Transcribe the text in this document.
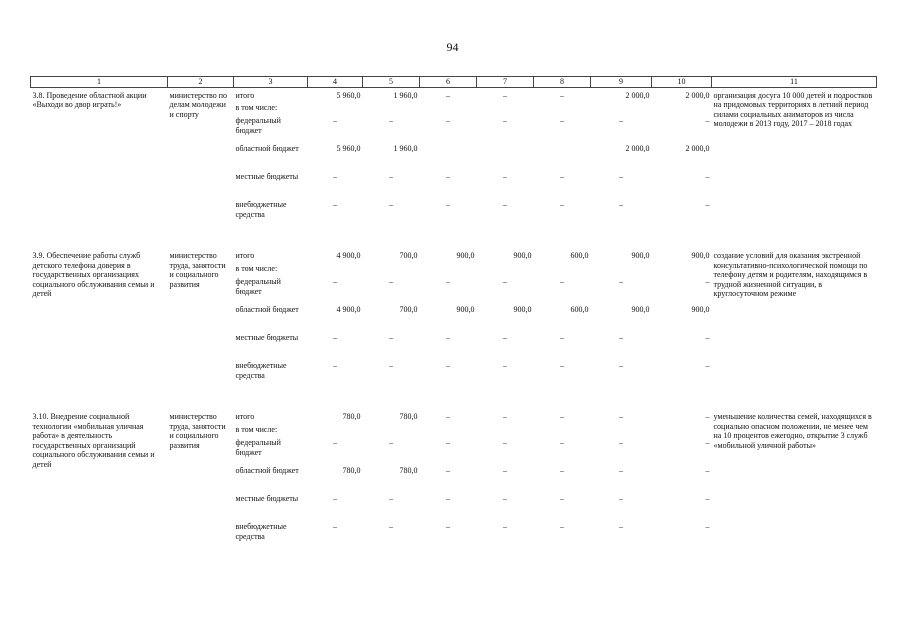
94
1	2	3	4	5	6	7	8	9	10	11
3.8. Проведение областной акции «Выходи во двор играть!»	министерство по делам молодежи и спорту	итого	5 960,0	1 960,0	–	–	–	2 000,0	2 000,0	организация досуга 10 000 детей и подростков на придомовых территориях в летний период силами социальных аниматоров из числа молодежи в 2013 году, 2017 – 2018 годах
		в том числе:								
		федеральный бюджет	–	–	–	–	–	–	–	
		областной бюджет	5 960,0	1 960,0				2 000,0	2 000,0	
		местные бюджеты	–	–	–	–	–	–	–	
		внебюджетные средства	–	–	–	–	–	–	–	

3.9. Обеспечение работы служб детского телефона доверия в государственных организациях социального обслуживания семьи и детей	министерство труда, занятости и социального развития	итого	4 900,0	700,0	900,0	900,0	600,0	900,0	900,0	создание условий для оказания экстренной консультативно-психологической помощи по телефону детям и родителям, находящимся в трудной жизненной ситуации, в круглосуточном режиме
		в том числе:								
		федеральный бюджет	–	–	–	–	–	–	–	
		областной бюджет	4 900,0	700,0	900,0	900,0	600,0	900,0	900,0	
		местные бюджеты	–	–	–	–	–	–	–	
		внебюджетные средства	–	–	–	–	–	–	–	

3.10. Внедрение социальной технологии «мобильная уличная работа» в деятельность государственных организаций социального обслуживания семьи и детей	министерство труда, занятости и социального развития	итого	780,0	780,0	–	–	–	–	–	уменьшение количества семей, находящихся в социально опасном положении, не менее чем на 10 процентов ежегодно, открытие 3 служб «мобильной уличной работы»
		в том числе:								
		федеральный бюджет	–	–	–	–	–	–	–	
		областной бюджет	780,0	780,0	–	–	–	–	–	
		местные бюджеты	–	–	–	–	–	–	–	
		внебюджетные средства	–	–	–	–	–	–	–	
